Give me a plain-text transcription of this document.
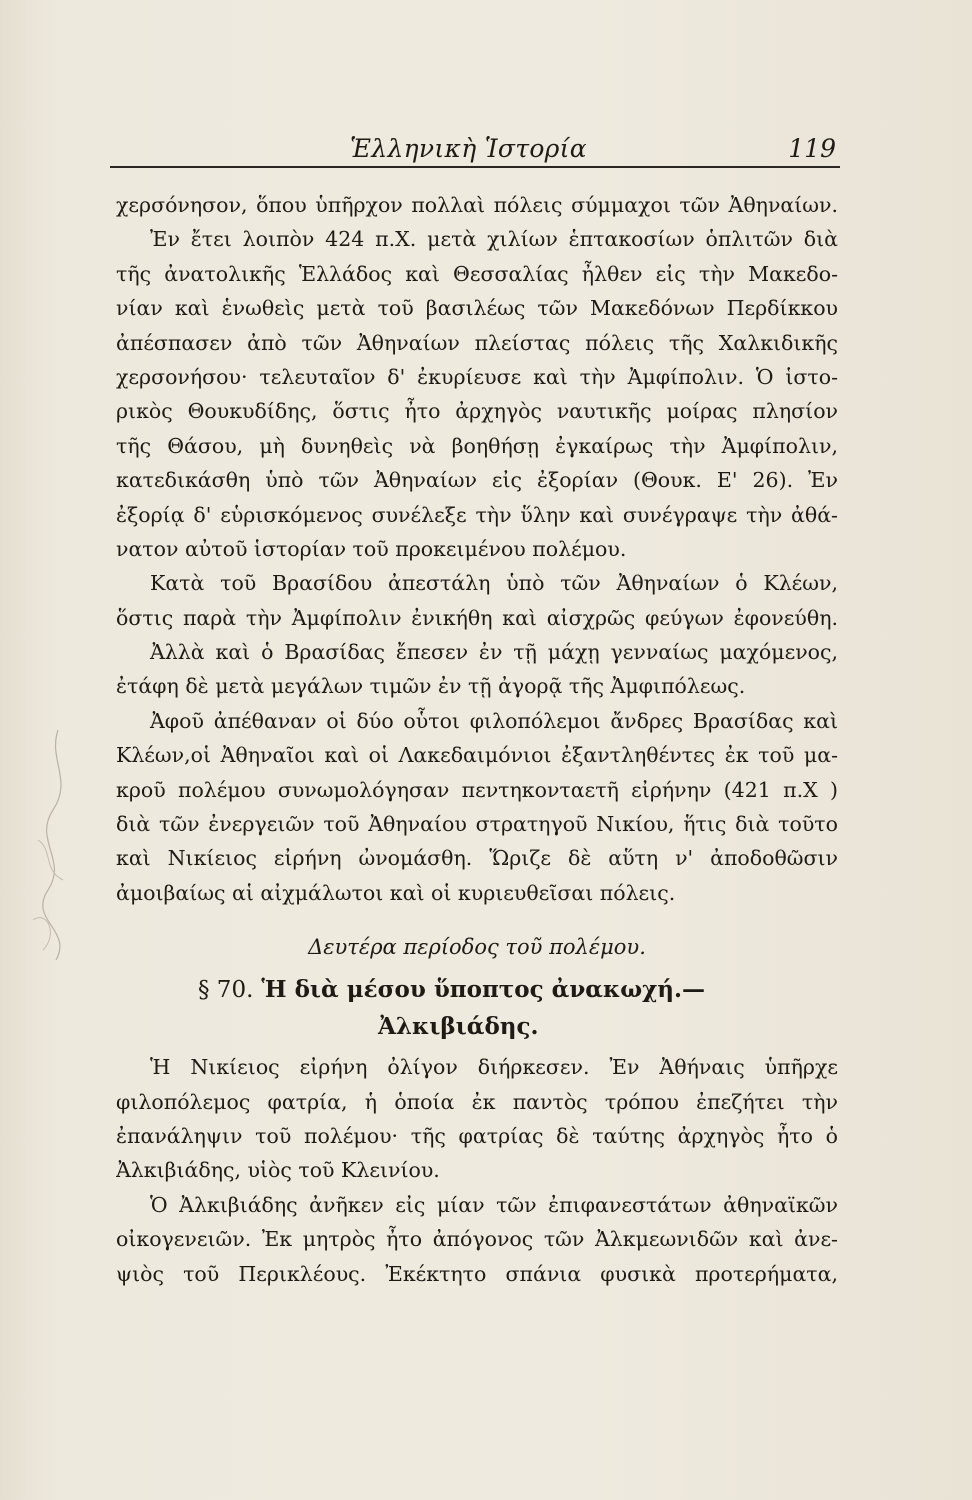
Ἑλληνικὴ Ἱστορία	119
χερσόνησον, ὅπου ὑπῆρχον πολλαὶ πόλεις σύμμαχοι τῶν Ἀθηναίων.
Ἐν ἔτει λοιπὸν 424 π.Χ. μετὰ χιλίων ἑπτακοσίων ὁπλιτῶν διὰ
τῆς ἀνατολικῆς Ἑλλάδος καὶ Θεσσαλίας ἦλθεν εἰς τὴν Μακεδο-
νίαν καὶ ἑνωθεὶς μετὰ τοῦ βασιλέως τῶν Μακεδόνων Περδίκκου
ἀπέσπασεν ἀπὸ τῶν Ἀθηναίων πλείστας πόλεις τῆς Χαλκιδικῆς
χερσονήσου· τελευταῖον δ' ἐκυρίευσε καὶ τὴν Ἀμφίπολιν. Ὁ ἱστο-
ρικὸς Θουκυδίδης, ὅστις ἦτο ἀρχηγὸς ναυτικῆς μοίρας πλησίον
τῆς Θάσου, μὴ δυνηθεὶς νὰ βοηθήσῃ ἐγκαίρως τὴν Ἀμφίπολιν,
κατεδικάσθη ὑπὸ τῶν Ἀθηναίων εἰς ἐξορίαν (Θουκ. Ε' 26). Ἐν
ἐξορίᾳ δ' εὑρισκόμενος συνέλεξε τὴν ὕλην καὶ συνέγραψε τὴν ἀθά-
νατον αὐτοῦ ἱστορίαν τοῦ προκειμένου πολέμου.
Κατὰ τοῦ Βρασίδου ἀπεστάλη ὑπὸ τῶν Ἀθηναίων ὁ Κλέων,
ὅστις παρὰ τὴν Ἀμφίπολιν ἐνικήθη καὶ αἰσχρῶς φεύγων ἐφονεύθη.
Ἀλλὰ καὶ ὁ Βρασίδας ἔπεσεν ἐν τῇ μάχῃ γενναίως μαχόμενος,
ἐτάφη δὲ μετὰ μεγάλων τιμῶν ἐν τῇ ἀγορᾷ τῆς Ἀμφιπόλεως.
Ἀφοῦ ἀπέθαναν οἱ δύο οὗτοι φιλοπόλεμοι ἄνδρες Βρασίδας καὶ
Κλέων,οἱ Ἀθηναῖοι καὶ οἱ Λακεδαιμόνιοι ἐξαντληθέντες ἐκ τοῦ μα-
κροῦ πολέμου συνωμολόγησαν πεντηκονταετῆ εἰρήνην (421 π.Χ )
διὰ τῶν ἐνεργειῶν τοῦ Ἀθηναίου στρατηγοῦ Νικίου, ἥτις διὰ τοῦτο
καὶ Νικίειος εἰρήνη ὠνομάσθη. Ὥριζε δὲ αὕτη ν' ἀποδοθῶσιν
ἀμοιβαίως αἱ αἰχμάλωτοι καὶ οἱ κυριευθεῖσαι πόλεις.
Δευτέρα περίοδος τοῦ πολέμου.
§ 70. Ἡ διὰ μέσου ὕποπτος ἀνακωχή.—
Ἀλκιβιάδης.
Ἡ Νικίειος εἰρήνη ὀλίγον διήρκεσεν. Ἐν Ἀθήναις ὑπῆρχε
φιλοπόλεμος φατρία, ἡ ὁποία ἐκ παντὸς τρόπου ἐπεζήτει τὴν
ἐπανάληψιν τοῦ πολέμου· τῆς φατρίας δὲ ταύτης ἀρχηγὸς ἦτο ὁ
Ἀλκιβιάδης, υἱὸς τοῦ Κλεινίου.
Ὁ Ἀλκιβιάδης ἀνῆκεν εἰς μίαν τῶν ἐπιφανεστάτων ἀθηναϊκῶν
οἰκογενειῶν. Ἐκ μητρὸς ἦτο ἀπόγονος τῶν Ἀλκμεωνιδῶν καὶ ἀνε-
ψιὸς τοῦ Περικλέους. Ἐκέκτητο σπάνια φυσικὰ προτερήματα,
